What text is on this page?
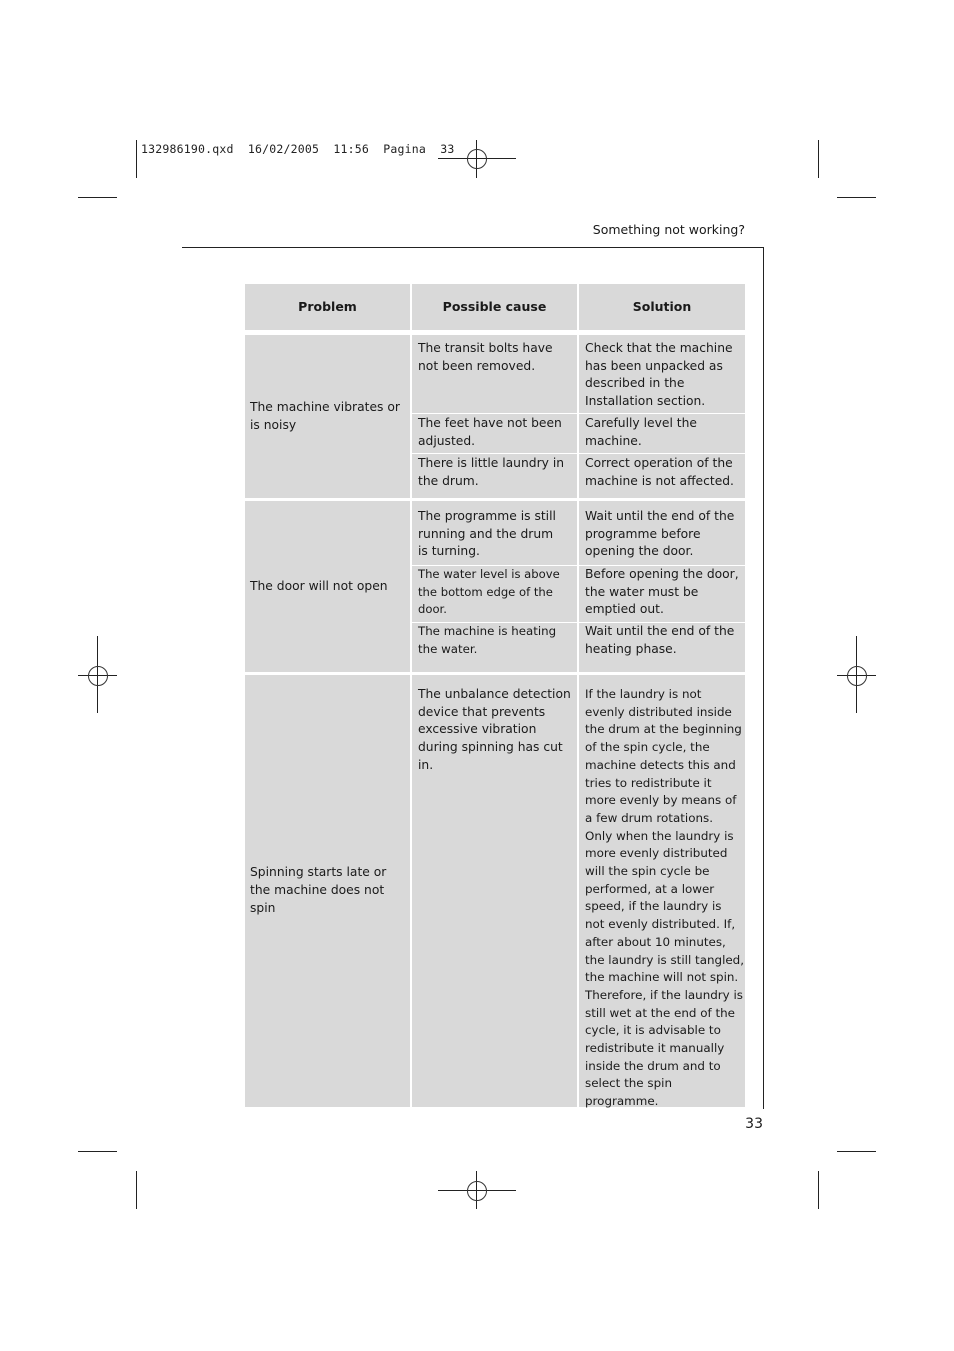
132986190.qxd  16/02/2005  11:56  Pagina  33
Something not working?
Problem	Possible cause	Solution
The machine vibrates or is noisy
The transit bolts have not been removed.
The feet have not been adjusted.
There is little laundry in the drum.
Check that the machine has been unpacked as described in the Installation section.
Carefully level the machine.
Correct operation of the machine is not affected.
The door will not open
The programme is still running and the drum is turning.
The water level is above the bottom edge of the door.
The machine is heating the water.
Wait until the end of the programme before opening the door.
Before opening the door, the water must be emptied out.
Wait until the end of the heating phase.
Spinning starts late or the machine does not spin
The unbalance detection device that prevents excessive vibration during spinning has cut in.
If the laundry is not evenly distributed inside the drum at the beginning of the spin cycle, the machine detects this and tries to redistribute it more evenly by means of a few drum rotations. Only when the laundry is more evenly distributed will the spin cycle be performed, at a lower speed, if the laundry is not evenly distributed. If, after about 10 minutes, the laundry is still tangled, the machine will not spin. Therefore, if the laundry is still wet at the end of the cycle, it is advisable to redistribute it manually inside the drum and to select the spin programme.
33
